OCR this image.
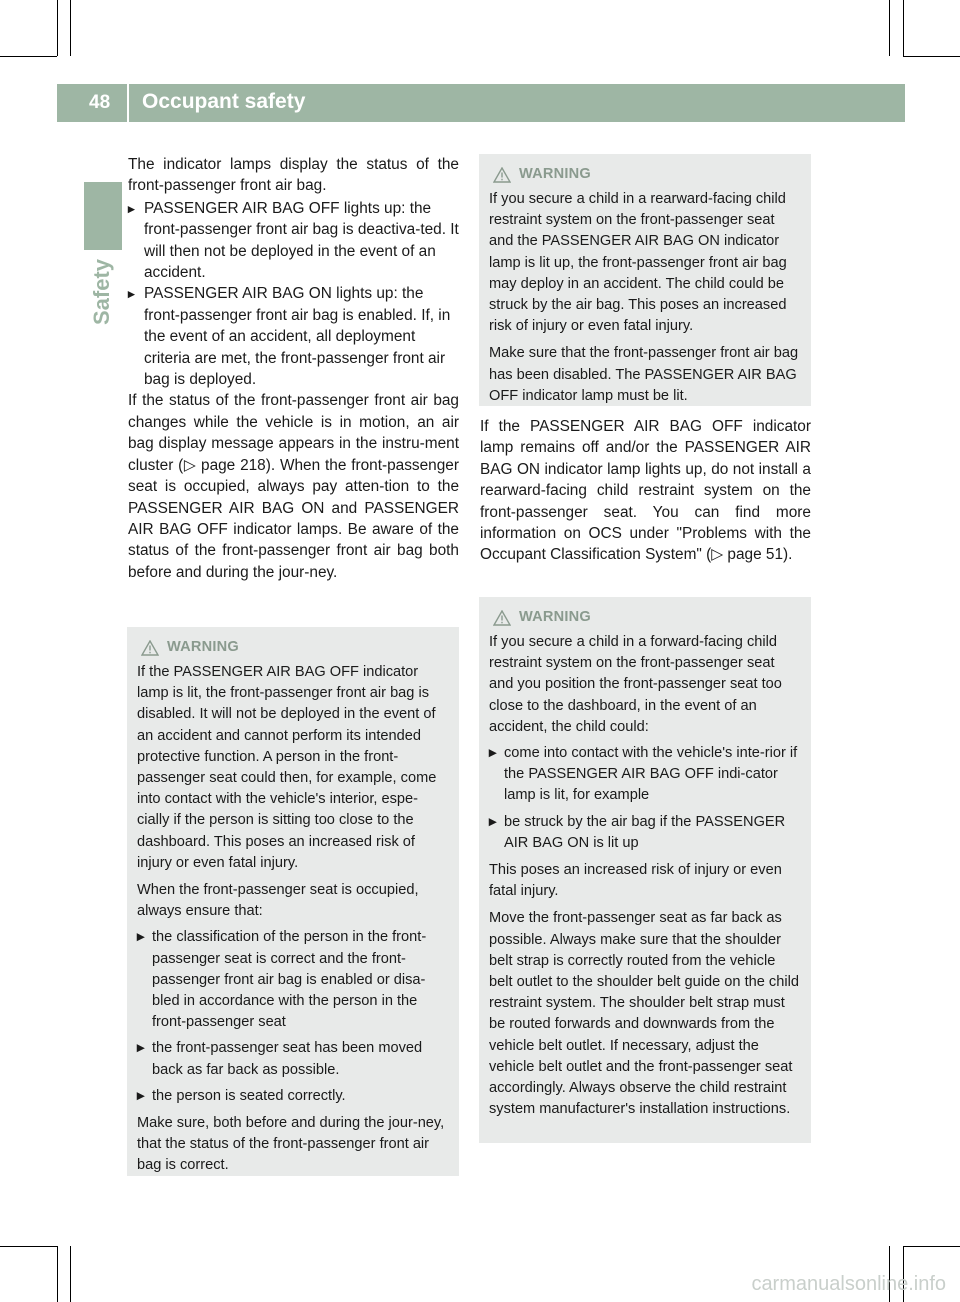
48	Occupant safety
Safety

The indicator lamps display the status of the front-passenger front air bag.

▸ PASSENGER AIR BAG OFF lights up: the front-passenger front air bag is deactiva-ted. It will then not be deployed in the event of an accident.
▸ PASSENGER AIR BAG ON lights up: the front-passenger front air bag is enabled. If, in the event of an accident, all deployment criteria are met, the front-passenger front air bag is deployed.

If the status of the front-passenger front air bag changes while the vehicle is in motion, an air bag display message appears in the instru-ment cluster (▷ page 218). When the front-passenger seat is occupied, always pay atten-tion to the PASSENGER AIR BAG ON and PASSENGER AIR BAG OFF indicator lamps. Be aware of the status of the front-passenger front air bag both before and during the jour-ney.

WARNING

If the PASSENGER AIR BAG OFF indicator lamp is lit, the front-passenger front air bag is disabled. It will not be deployed in the event of an accident and cannot perform its intended protective function. A person in the front-passenger seat could then, for example, come into contact with the vehicle's interior, espe-cially if the person is sitting too close to the dashboard. This poses an increased risk of injury or even fatal injury.

When the front-passenger seat is occupied, always ensure that:

▸ the classification of the person in the front-passenger seat is correct and the front-passenger front air bag is enabled or disa-bled in accordance with the person in the front-passenger seat
▸ the front-passenger seat has been moved back as far back as possible.
▸ the person is seated correctly.

Make sure, both before and during the jour-ney, that the status of the front-passenger front air bag is correct.

WARNING

If you secure a child in a rearward-facing child restraint system on the front-passenger seat and the PASSENGER AIR BAG ON indicator lamp is lit up, the front-passenger front air bag may deploy in an accident. The child could be struck by the air bag. This poses an increased risk of injury or even fatal injury.

Make sure that the front-passenger front air bag has been disabled. The PASSENGER AIR BAG OFF indicator lamp must be lit.

If the PASSENGER AIR BAG OFF indicator lamp remains off and/or the PASSENGER AIR BAG ON indicator lamp lights up, do not install a rearward-facing child restraint system on the front-passenger seat. You can find more information on OCS under "Problems with the Occupant Classification System" (▷ page 51).

WARNING

If you secure a child in a forward-facing child restraint system on the front-passenger seat and you position the front-passenger seat too close to the dashboard, in the event of an accident, the child could:

▸ come into contact with the vehicle's inte-rior if the PASSENGER AIR BAG OFF indi-cator lamp is lit, for example
▸ be struck by the air bag if the PASSENGER AIR BAG ON is lit up

This poses an increased risk of injury or even fatal injury.

Move the front-passenger seat as far back as possible. Always make sure that the shoulder belt strap is correctly routed from the vehicle belt outlet to the shoulder belt guide on the child restraint system. The shoulder belt strap must be routed forwards and downwards from the vehicle belt outlet. If necessary, adjust the vehicle belt outlet and the front-passenger seat accordingly. Always observe the child restraint system manufacturer's installation instructions.

carmanualsonline.info
